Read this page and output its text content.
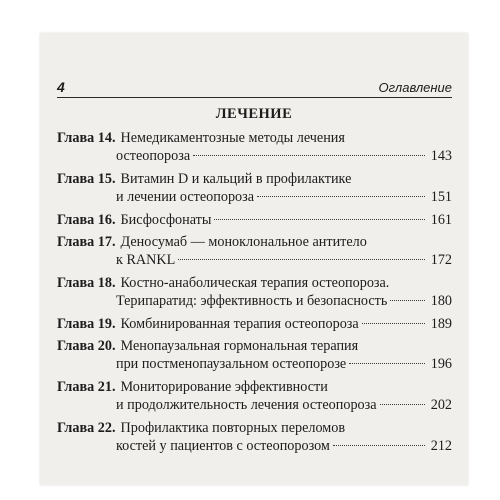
4	Оглавление
ЛЕЧЕНИЕ
Глава 14. Немедикаментозные методы лечения
остеопороза	143
Глава 15. Витамин D и кальций в профилактике
и лечении остеопороза	151
Глава 16. Бисфосфонаты	161
Глава 17. Деносумаб — моноклональное антитело
к RANKL	172
Глава 18. Костно-анаболическая терапия остеопороза.
Терипаратид: эффективность и безопасность	180
Глава 19. Комбинированная терапия остеопороза	189
Глава 20. Менопаузальная гормональная терапия
при постменопаузальном остеопорозе	196
Глава 21. Мониторирование эффективности
и продолжительность лечения остеопороза	202
Глава 22. Профилактика повторных переломов
костей у пациентов с остеопорозом	212
